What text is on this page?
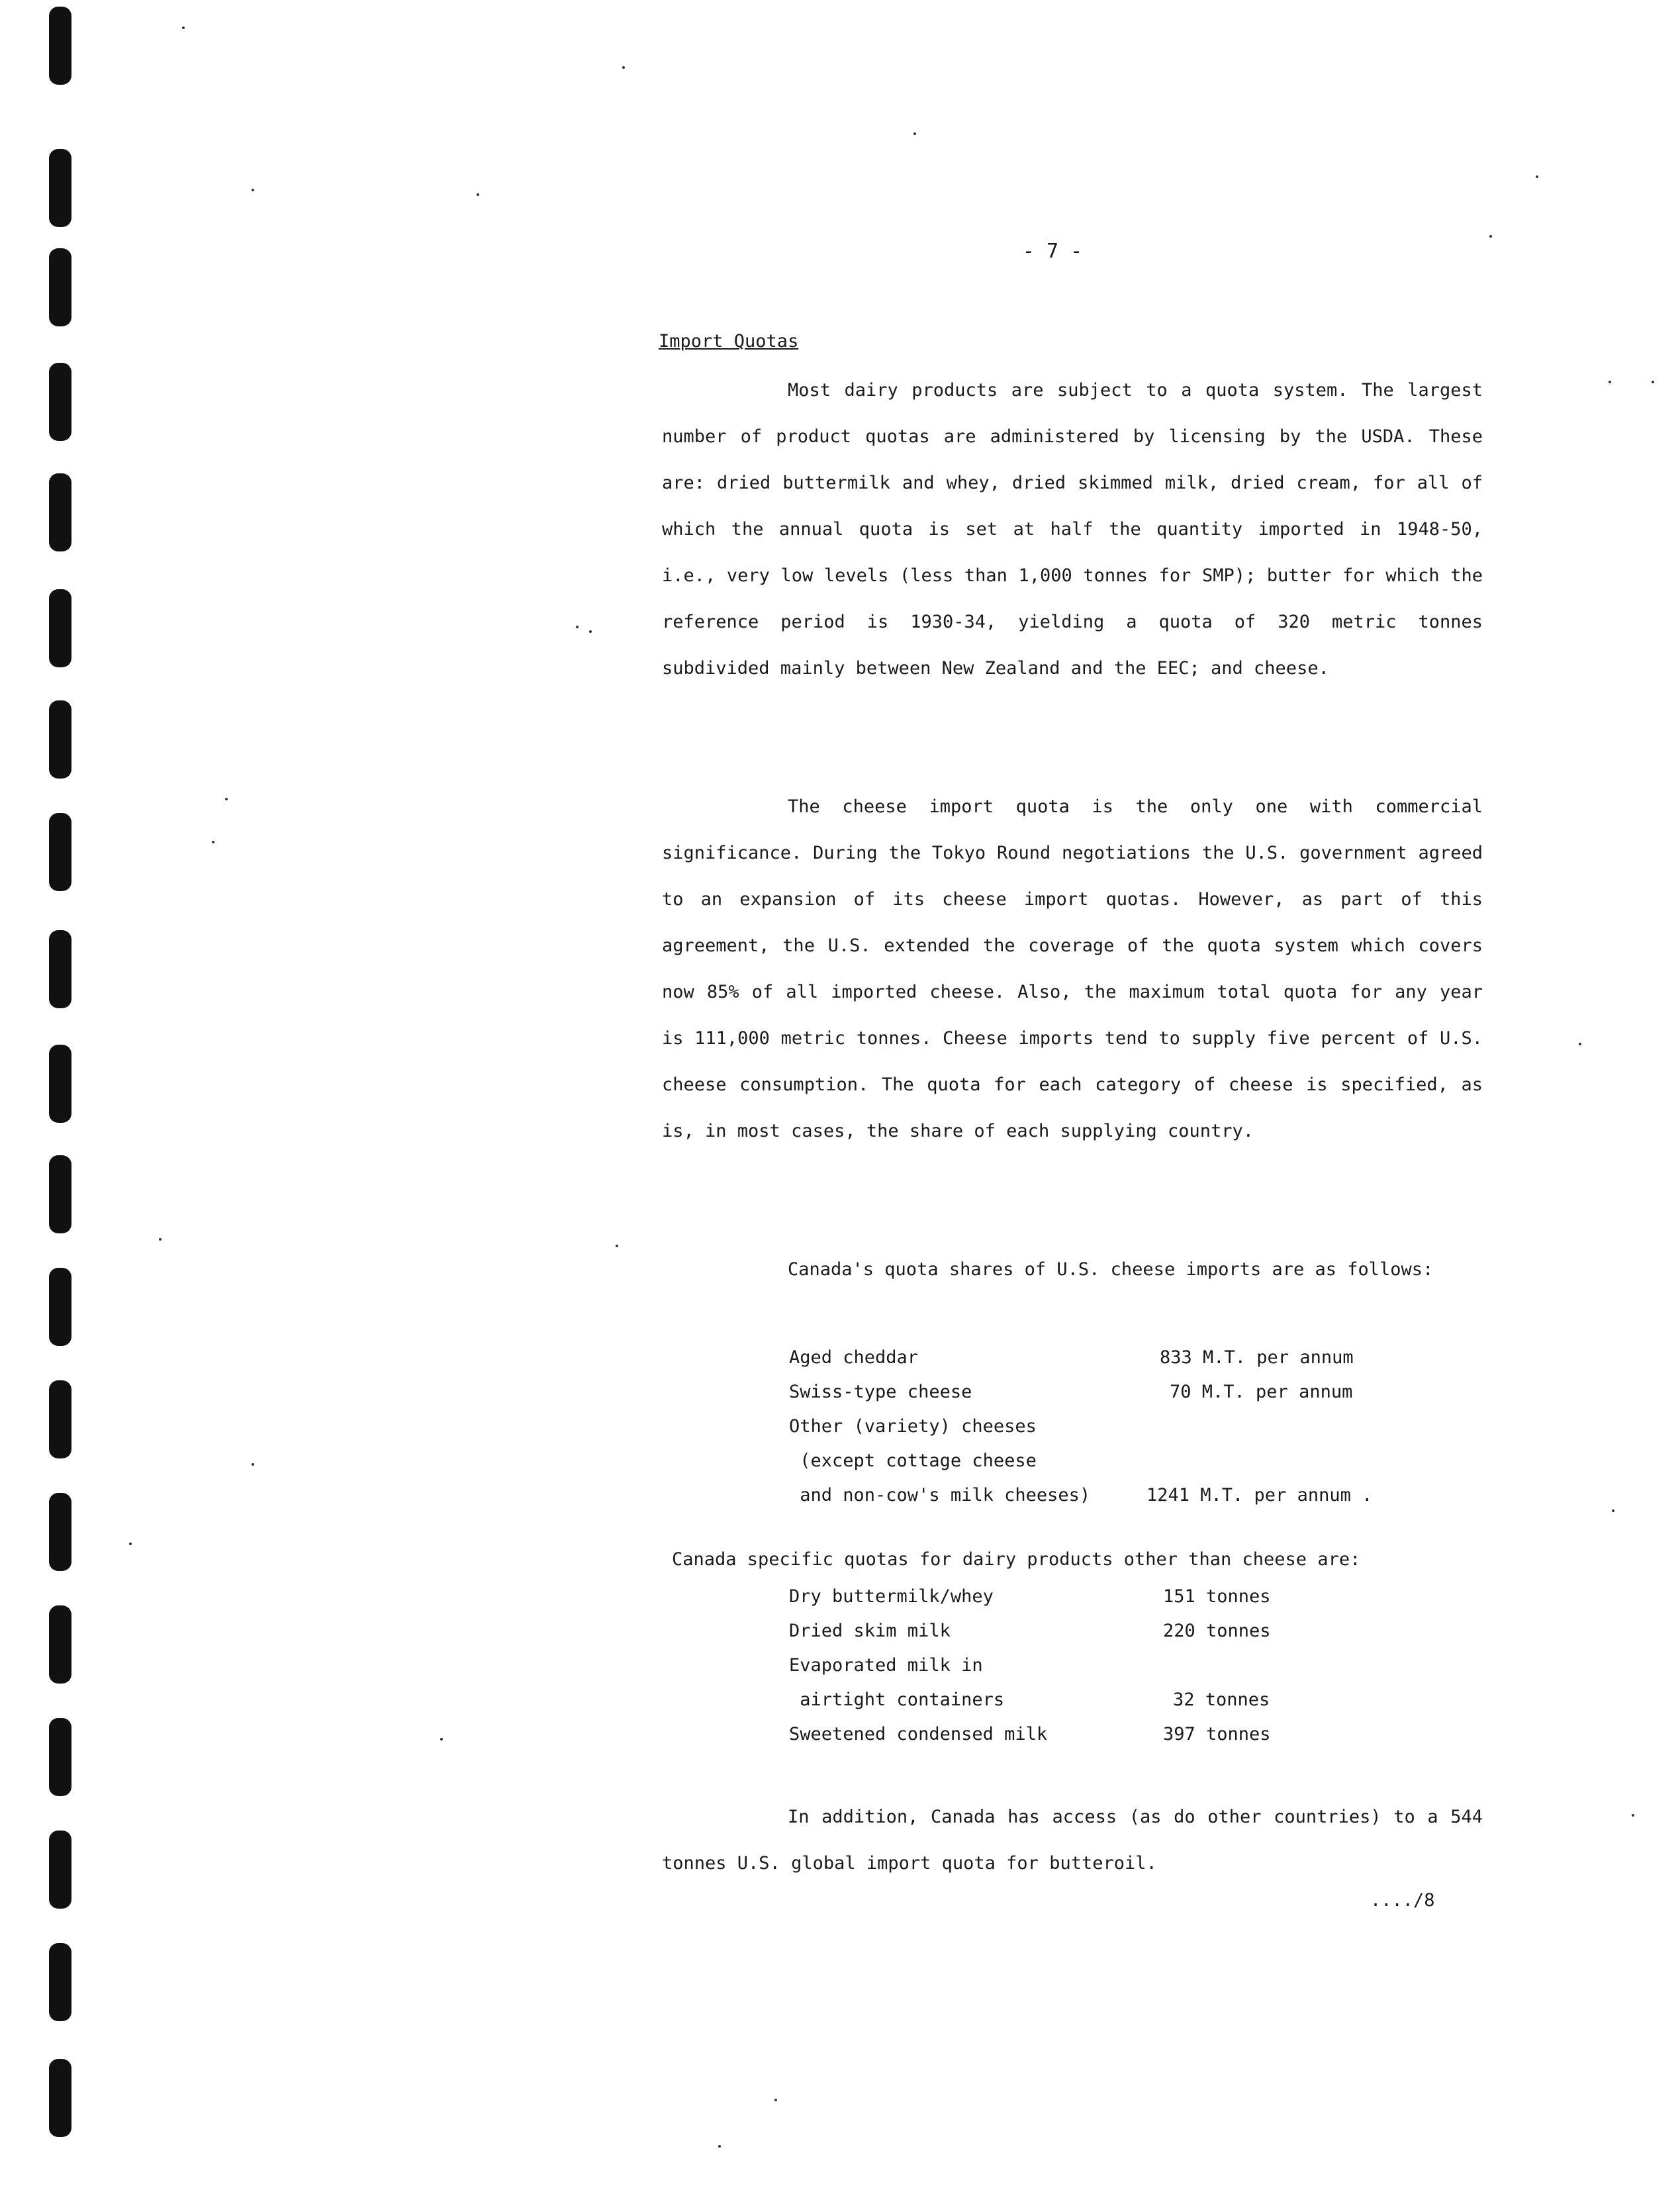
- 7 -
Import Quotas

Most dairy products are subject to a quota system. The largest number of product quotas are administered by licensing by the USDA. These are: dried buttermilk and whey, dried skimmed milk, dried cream, for all of which the annual quota is set at half the quantity imported in 1948-50, i.e., very low levels (less than 1,000 tonnes for SMP); butter for which the reference period is 1930-34, yielding a quota of 320 metric tonnes subdivided mainly between New Zealand and the EEC; and cheese.

The cheese import quota is the only one with commercial significance. During the Tokyo Round negotiations the U.S. government agreed to an expansion of its cheese import quotas. However, as part of this agreement, the U.S. extended the coverage of the quota system which covers now 85% of all imported cheese. Also, the maximum total quota for any year is 111,000 metric tonnes. Cheese imports tend to supply five percent of U.S. cheese consumption. The quota for each category of cheese is specified, as is, in most cases, the share of each supplying country.

Canada's quota shares of U.S. cheese imports are as follows:

Aged cheddar	833 M.T. per annum
Swiss-type cheese	70 M.T. per annum
Other (variety) cheeses
(except cottage cheese
and non-cow's milk cheeses)	1241 M.T. per annum .
Canada specific quotas for dairy products other than cheese are:
Dry buttermilk/whey	151 tonnes
Dried skim milk	220 tonnes
Evaporated milk in
airtight containers	32 tonnes
Sweetened condensed milk	397 tonnes

In addition, Canada has access (as do other countries) to a 544 tonnes U.S. global import quota for butteroil.

..../8
